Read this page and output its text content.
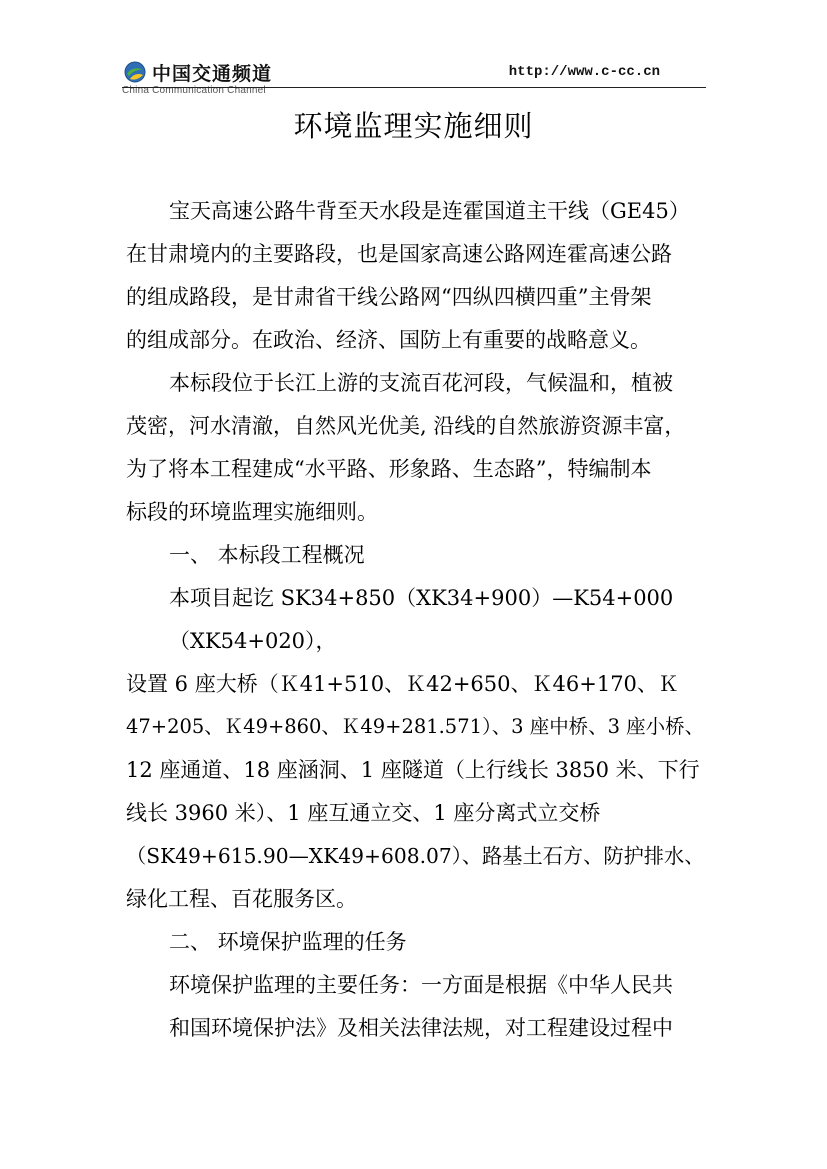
中国交通频道
China Communication Channel
http://www.c-cc.cn
环境监理实施细则
宝天高速公路牛背至天水段是连霍国道主干线（GE45）
在甘肃境内的主要路段，也是国家高速公路网连霍高速公路
的组成路段，是甘肃省干线公路网“四纵四横四重”主骨架
的组成部分。在政治、经济、国防上有重要的战略意义。
本标段位于长江上游的支流百花河段，气候温和，植被
茂密，河水清澈，自然风光优美, 沿线的自然旅游资源丰富，
为了将本工程建成“水平路、形象路、生态路”，特编制本
标段的环境监理实施细则。
一、 本标段工程概况
本项目起讫 SK34+850（XK34+900）—K54+000
（XK54+020），
设置 6 座大桥（Ｋ41+510、Ｋ42+650、Ｋ46+170、Ｋ
47+205、Ｋ49+860、Ｋ49+281.571）、3 座中桥、3 座小桥、
12 座通道、18 座涵洞、1 座隧道（上行线长 3850 米、下行
线长 3960 米）、1 座互通立交、1 座分离式立交桥
（SK49+615.90—XK49+608.07）、路基土石方、防护排水、
绿化工程、百花服务区。
二、 环境保护监理的任务
环境保护监理的主要任务：一方面是根据《中华人民共
和国环境保护法》及相关法律法规，对工程建设过程中
